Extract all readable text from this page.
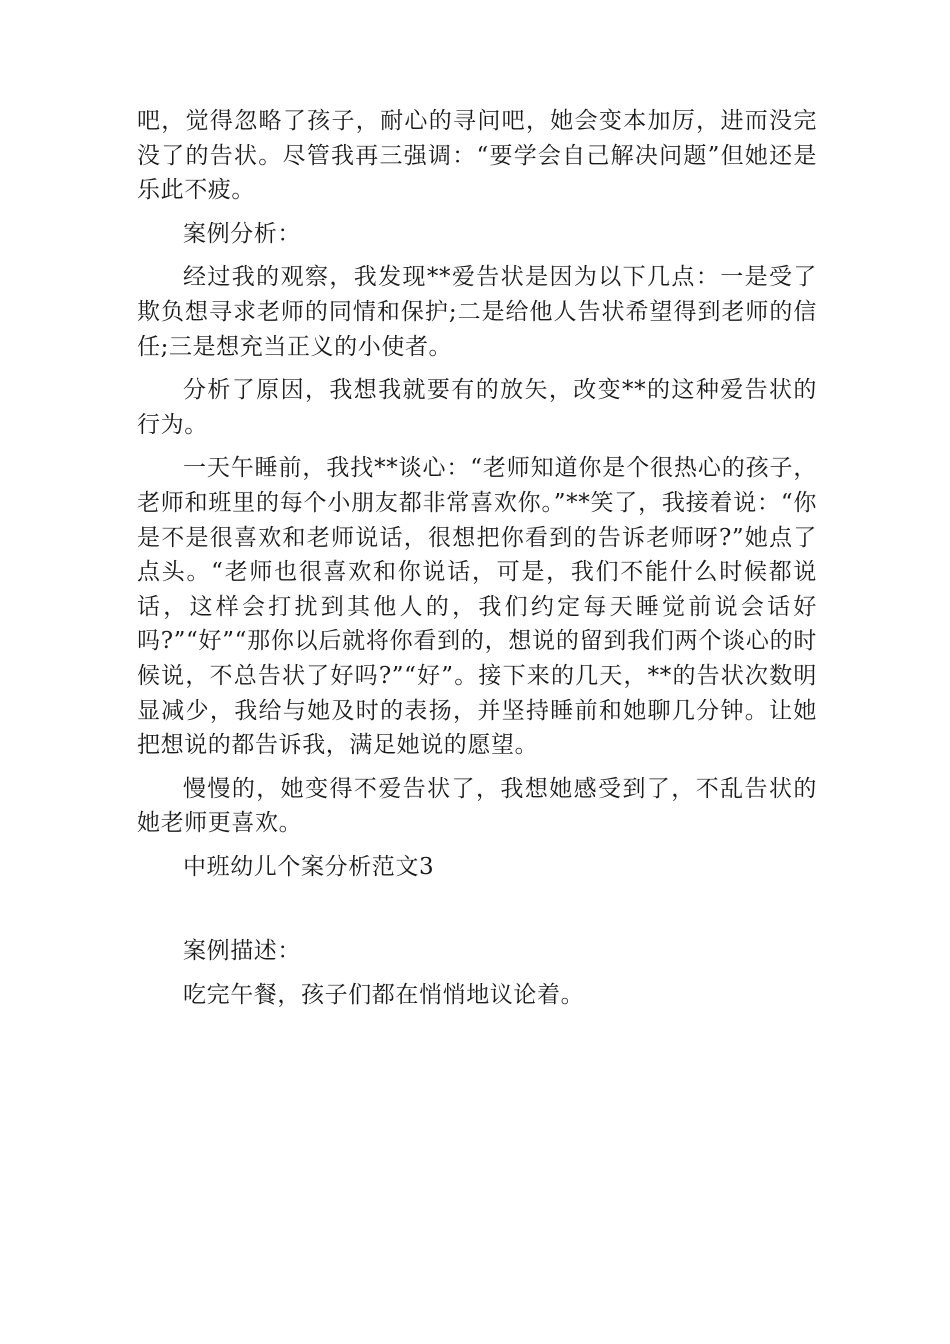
吧，觉得忽略了孩子，耐心的寻问吧，她会变本加厉，进而没完没了的告状。尽管我再三强调：“要学会自己解决问题”但她还是乐此不疲。

案例分析：

经过我的观察，我发现**爱告状是因为以下几点：一是受了欺负想寻求老师的同情和保护;二是给他人告状希望得到老师的信任;三是想充当正义的小使者。

分析了原因，我想我就要有的放矢，改变**的这种爱告状的行为。

一天午睡前，我找**谈心：“老师知道你是个很热心的孩子，老师和班里的每个小朋友都非常喜欢你。”**笑了，我接着说：“你是不是很喜欢和老师说话，很想把你看到的告诉老师呀?”她点了点头。“老师也很喜欢和你说话，可是，我们不能什么时候都说话，这样会打扰到其他人的，我们约定每天睡觉前说会话好吗?”“好”“那你以后就将你看到的，想说的留到我们两个谈心的时候说，不总告状了好吗?”“好”。接下来的几天，**的告状次数明显减少，我给与她及时的表扬，并坚持睡前和她聊几分钟。让她把想说的都告诉我，满足她说的愿望。

慢慢的，她变得不爱告状了，我想她感受到了，不乱告状的她老师更喜欢。

中班幼儿个案分析范文3

案例描述：

吃完午餐，孩子们都在悄悄地议论着。
